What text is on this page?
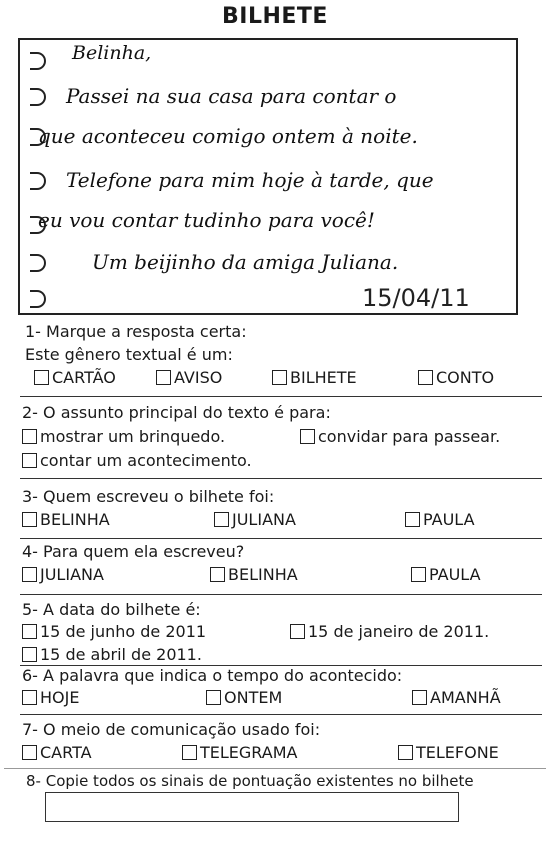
BILHETE
Belinha,
Passei na sua casa para contar o
que aconteceu comigo ontem à noite.
Telefone para mim hoje à tarde, que
eu vou contar tudinho para você!
Um beijinho da amiga Juliana.
15/04/11
1- Marque a resposta certa:
Este gênero textual é um:
CARTÃO	AVISO	BILHETE	CONTO
2- O assunto principal do texto é para:
mostrar um brinquedo.	convidar para passear.
contar um acontecimento.
3- Quem escreveu o bilhete foi:
BELINHA	JULIANA	PAULA
4- Para quem ela escreveu?
JULIANA	BELINHA	PAULA
5- A data do bilhete é:
15 de junho de 2011	15 de janeiro de 2011.
15 de abril de 2011.
6- A palavra que indica o tempo do acontecido:
HOJE	ONTEM	AMANHÃ
7- O meio de comunicação usado foi:
CARTA	TELEGRAMA	TELEFONE
8- Copie todos os sinais de pontuação existentes no bilhete
